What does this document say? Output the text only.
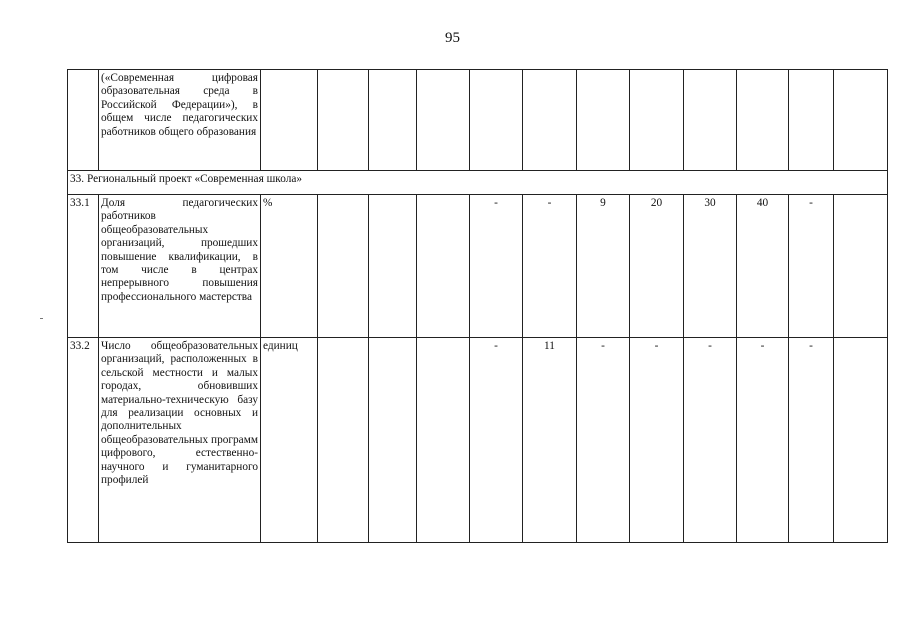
95
	(«Современная цифровая образовательная среда в Российской Федерации»), в общем числе педагогических работников общего образования												
33. Региональный проект «Современная школа»													
33.1	Доля педагогических работников общеобразовательных организаций, прошедших повышение квалификации, в том числе в центрах непрерывного повышения профессионального мастерства	%				-	-	9	20	30	40	-	
33.2	Число общеобразовательных организаций, расположенных в сельской местности и малых городах, обновивших материально-техническую базу для реализации основных и дополнительных общеобразовательных программ цифрового, естественно-научного и гуманитарного профилей	единиц				-	11	-	-	-	-	-	
